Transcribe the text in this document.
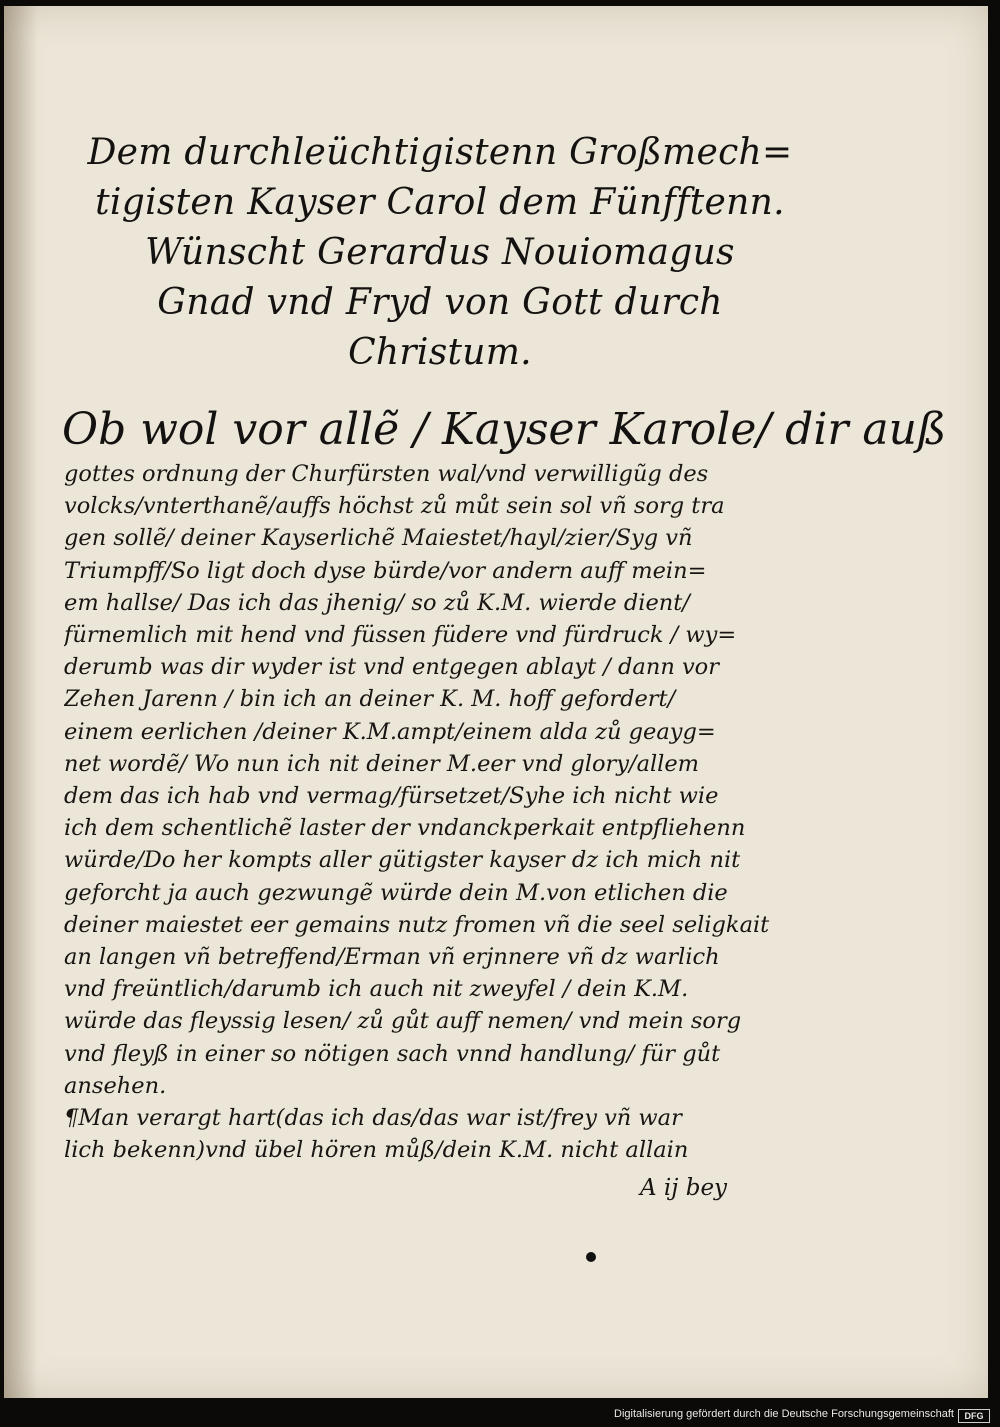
Dem durchleüchtigistenn Großmech=
tigisten Kayser Carol dem Fünfftenn.
Wünscht Gerardus Nouiomagus
Gnad vnd Fryd von Gott durch
Christum.
Ob wol vor allẽ / Kayser Karole/ dir auß
gottes ordnung der Churfürsten wal/vnd verwilligũg des
volcks/vnterthanẽ/auffs höchst zů můt sein sol vñ sorg tra
gen sollẽ/ deiner Kayserlichẽ Maiestet/hayl/zier/Syg vñ
Triumpff/So ligt doch dyse bürde/vor andern auff mein=
em hallse/ Das ich das jhenig/ so zů K.M. wierde dient/
fürnemlich mit hend vnd füssen füdere vnd fürdruck / wy=
derumb was dir wyder ist vnd entgegen ablayt / dann vor
Zehen Jarenn / bin ich an deiner K. M. hoff gefordert/
einem eerlichen /deiner K.M.ampt/einem alda zů geayg=
net wordẽ/ Wo nun ich nit deiner M.eer vnd glory/allem
dem das ich hab vnd vermag/fürsetzet/Syhe ich nicht wie
ich dem schentlichẽ laster der vndanckperkait entpfliehenn
würde/Do her kompts aller gütigster kayser dz ich mich nit
geforcht ja auch gezwungẽ würde dein M.von etlichen die
deiner maiestet eer gemains nutz fromen vñ die seel seligkait
an langen vñ betreffend/Erman vñ erjnnere vñ dz warlich
vnd freüntlich/darumb ich auch nit zweyfel / dein K.M.
würde das fleyssig lesen/ zů gůt auff nemen/ vnd mein sorg
vnd fleyß in einer so nötigen sach vnnd handlung/ für gůt
ansehen.
¶Man verargt hart(das ich das/das war ist/frey vñ war
lich bekenn)vnd übel hören můß/dein K.M. nicht allain
A ij bey
Digitalisierung gefördert durch die Deutsche Forschungsgemeinschaft	DFG
